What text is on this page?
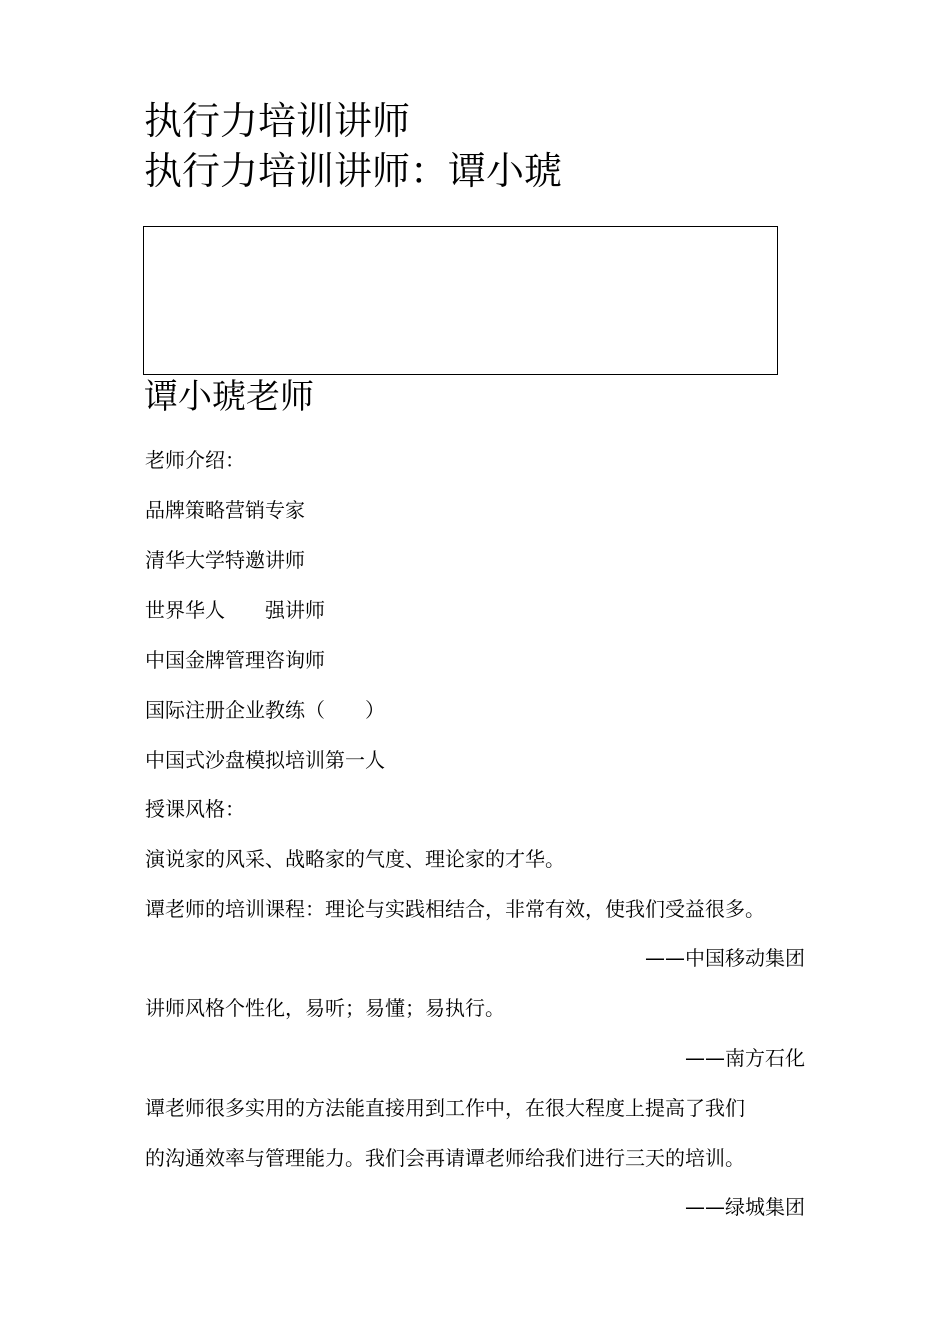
执行力培训讲师
执行力培训讲师：谭小琥
谭小琥老师
老师介绍：
品牌策略营销专家
清华大学特邀讲师
世界华人　　强讲师
中国金牌管理咨询师
国际注册企业教练（　　）
中国式沙盘模拟培训第一人
授课风格：
演说家的风采、战略家的气度、理论家的才华。
谭老师的培训课程：理论与实践相结合，非常有效，使我们受益很多。
——中国移动集团
讲师风格个性化，易听；易懂；易执行。
——南方石化
谭老师很多实用的方法能直接用到工作中，在很大程度上提高了我们
的沟通效率与管理能力。我们会再请谭老师给我们进行三天的培训。
——绿城集团
